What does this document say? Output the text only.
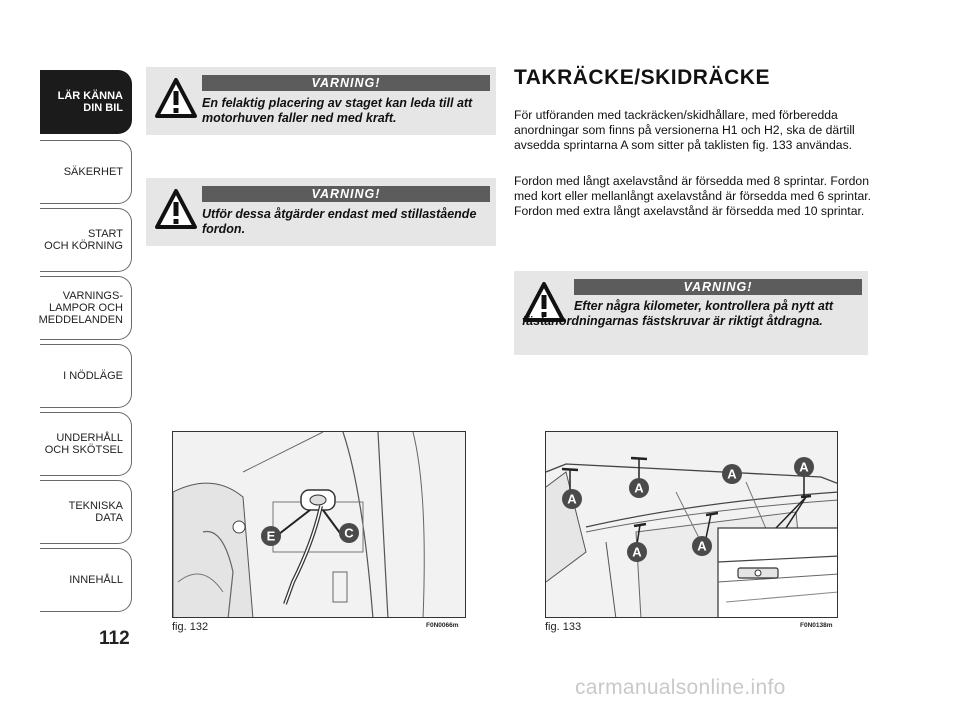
LÄR KÄNNA
DIN BIL
SÄKERHET
START
OCH KÖRNING
VARNINGS-
LAMPOR OCH
MEDDELANDEN
I NÖDLÄGE
UNDERHÅLL
OCH SKÖTSEL
TEKNISKA DATA
INNEHÅLL
112
VARNING!
En felaktig placering av staget kan leda till att motorhuven faller ned med kraft.
VARNING!
Utför dessa åtgärder endast med stillastående fordon.
TAKRÄCKE/SKIDRÄCKE

För utföranden med tackräcken/skidhållare, med förberedda anordningar som finns på versionerna H1 och H2, ska de därtill avsedda sprintarna A som sitter på taklisten fig. 133 användas.

Fordon med långt axelavstånd är försedda med 8 sprintar. Fordon med kort eller mellanlångt axelavstånd är försedda med 6 sprintar. Fordon med extra långt axelavstånd är försedda med 10 sprintar.

VARNING!
Efter några kilometer, kontrollera på nytt att fästanordningarnas fästskruvar är riktigt åtdragna.
E	C
fig. 132	F0N0066m
A
A
A	A
A	A
fig. 133	F0N0138m
carmanualsonline.info
